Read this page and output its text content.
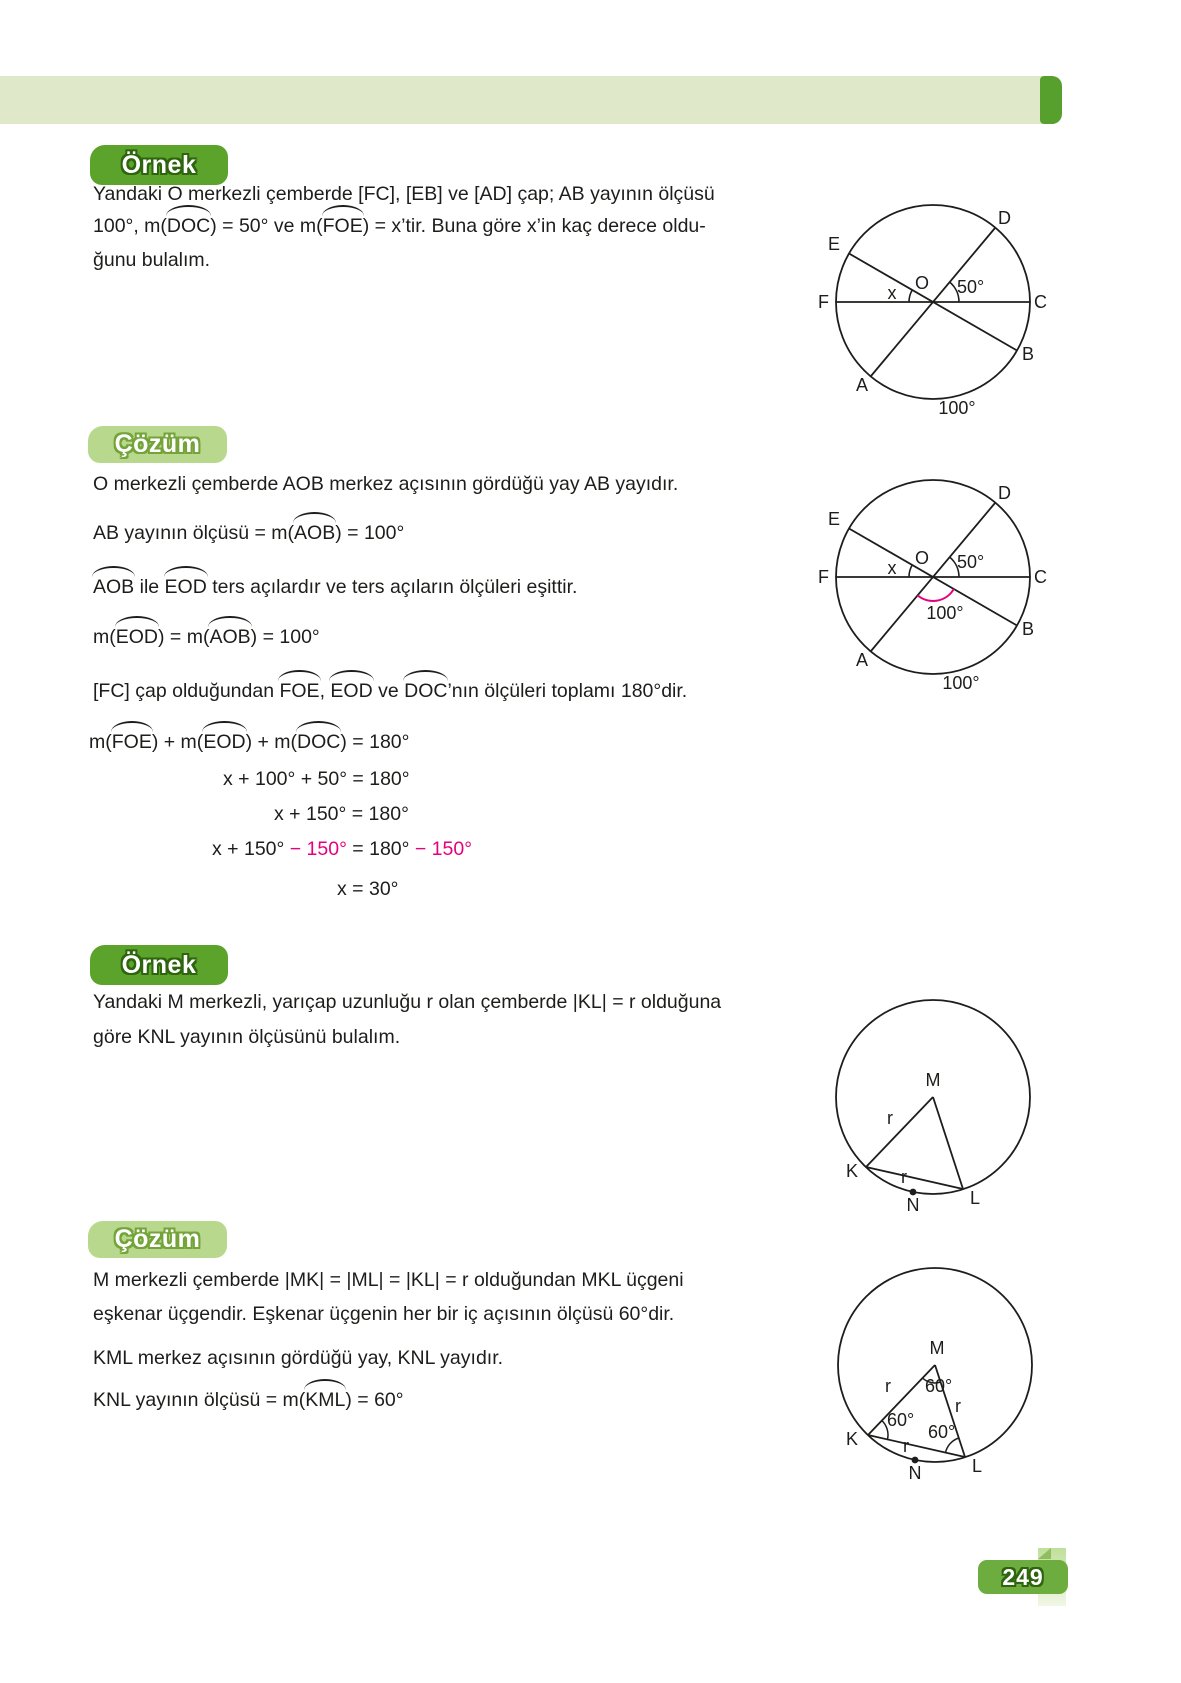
Örnek
Yandaki O merkezli çemberde [FC], [EB] ve [AD] çap; AB yayının ölçüsü
100°, m(DOC) = 50° ve m(FOE) = x’tir. Buna göre x’in kaç derece oldu-
ğunu bulalım.
D
E
F	C
B
A
O
x	50°
100°
Çözüm
O merkezli çemberde AOB merkez açısının gördüğü yay AB yayıdır.
AB yayının ölçüsü = m(AOB) = 100°
AOB ile EOD ters açılardır ve ters açıların ölçüleri eşittir.
m(EOD) = m(AOB) = 100°
[FC] çap olduğundan FOE, EOD ve DOC’nın ölçüleri toplamı 180°dir.
m(FOE) + m(EOD) + m(DOC) = 180°
x + 100° + 50° = 180°
x + 150° = 180°
x + 150° − 150° = 180° − 150°
x = 30°
D
E
F	C
B
A
O
x	50°
100°
100°
Örnek
Yandaki M merkezli, yarıçap uzunluğu r olan çemberde |KL| = r olduğuna
göre KNL yayının ölçüsünü bulalım.
M
K
L
N
r
r
Çözüm
M merkezli çemberde |MK| = |ML| = |KL| = r olduğundan MKL üçgeni
eşkenar üçgendir. Eşkenar üçgenin her bir iç açısının ölçüsü 60°dir.
KML merkez açısının gördüğü yay, KNL yayıdır.
KNL yayının ölçüsü = m(KML) = 60°
M
K
L
N
r
r
r
60°
60°
60°
249
